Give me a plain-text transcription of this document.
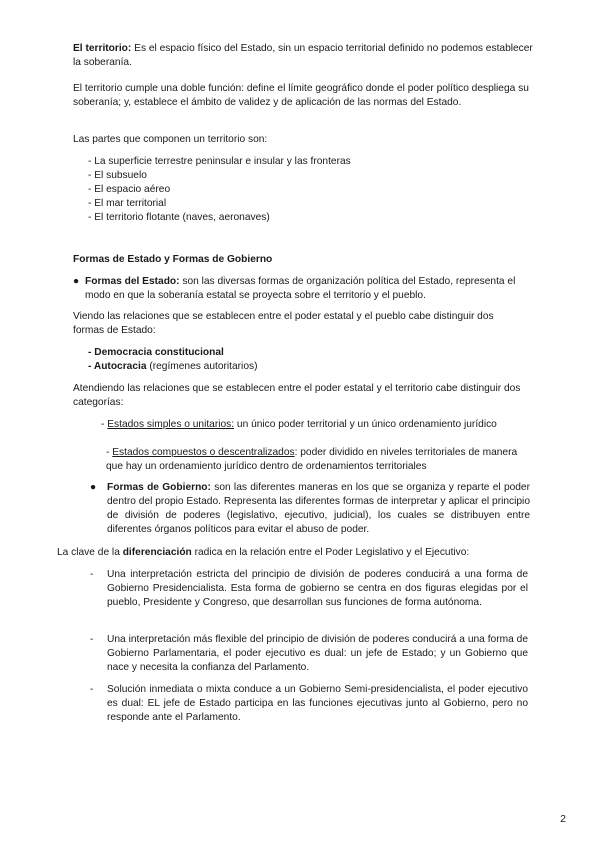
El territorio: Es el espacio físico del Estado, sin un espacio territorial definido no podemos establecer la soberanía.

El territorio cumple una doble función: define el límite geográfico donde el poder político despliega su soberanía; y, establece el ámbito de validez y de aplicación de las normas del Estado.

Las partes que componen un territorio son:

- La superficie terrestre peninsular e insular y las fronteras

- El subsuelo

- El espacio aéreo

- El mar territorial

- El territorio flotante (naves, aeronaves)

Formas de Estado y Formas de Gobierno

● Formas del Estado: son las diversas formas de organización política del Estado, representa el modo en que la soberanía estatal se proyecta sobre el territorio y el pueblo.

Viendo las relaciones que se establecen entre el poder estatal y el pueblo cabe distinguir dos formas de Estado:

- Democracia constitucional

- Autocracia (regímenes autoritarios)

Atendiendo las relaciones que se establecen entre el poder estatal y el territorio cabe distinguir dos categorías:

- Estados simples o unitarios: un único poder territorial y un único ordenamiento jurídico

- Estados compuestos o descentralizados: poder dividido en niveles territoriales de manera que hay un ordenamiento jurídico dentro de ordenamientos territoriales

●	Formas de Gobierno: son las diferentes maneras en los que se organiza y reparte el poder dentro del propio Estado. Representa las diferentes formas de interpretar y aplicar el principio de división de poderes (legislativo, ejecutivo, judicial), los cuales se distribuyen entre diferentes órganos políticos para evitar el abuso de poder.

La clave de la diferenciación radica en la relación entre el Poder Legislativo y el Ejecutivo:

-	Una interpretación estricta del principio de división de poderes conducirá a una forma de Gobierno Presidencialista. Esta forma de gobierno se centra en dos figuras elegidas por el pueblo, Presidente y Congreso, que desarrollan sus funciones de forma autónoma.

-	Una interpretación más flexible del principio de división de poderes conducirá a una forma de Gobierno Parlamentaria, el poder ejecutivo es dual: un jefe de Estado; y un Gobierno que nace y necesita la confianza del Parlamento.

-	Solución inmediata o mixta conduce a un Gobierno Semi-presidencialista, el poder ejecutivo es dual: EL jefe de Estado participa en las funciones ejecutivas junto al Gobierno, pero no responde ante el Parlamento.

2
